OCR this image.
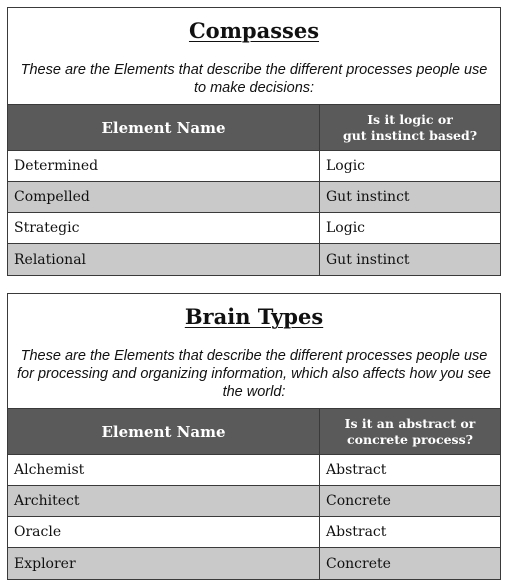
Compasses

These are the Elements that describe the different processes people use to make decisions:

Element Name	Is it logic or
gut instinct based?
Determined	Logic
Compelled	Gut instinct
Strategic	Logic
Relational	Gut instinct
Brain Types

These are the Elements that describe the different processes people use for processing and organizing information, which also affects how you see the world:

Element Name	Is it an abstract or
concrete process?
Alchemist	Abstract
Architect	Concrete
Oracle	Abstract
Explorer	Concrete
